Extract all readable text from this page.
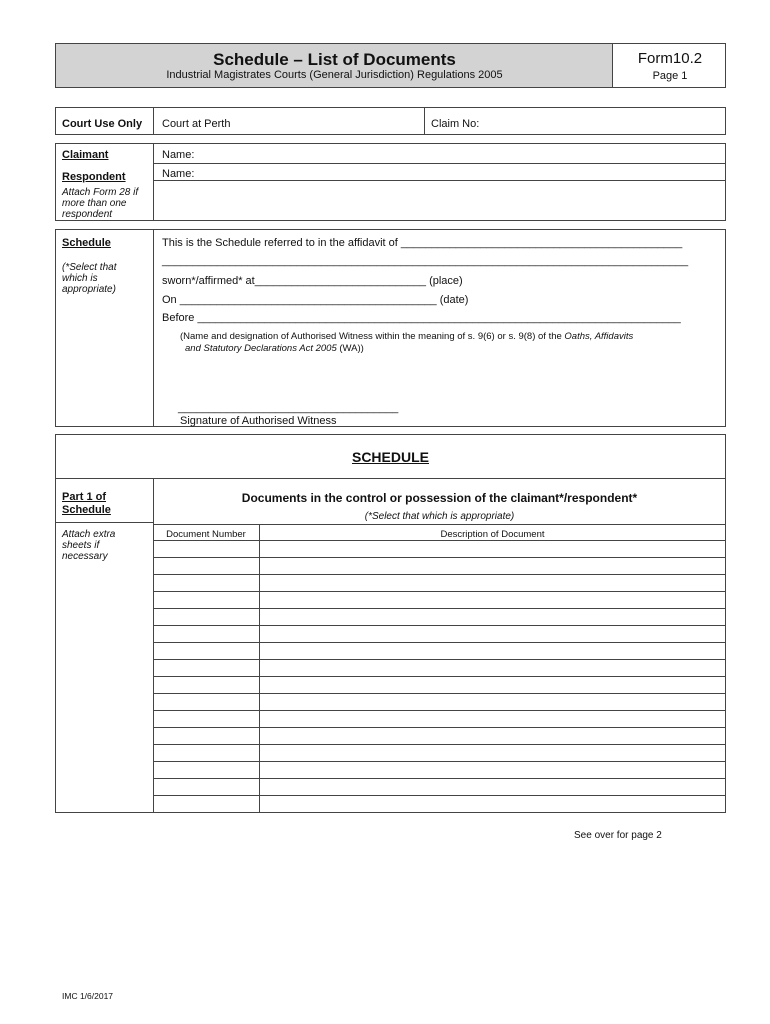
Schedule – List of Documents
Industrial Magistrates Courts (General Jurisdiction) Regulations 2005
Form10.2
Page 1
Court Use Only Court at Perth	Claim No:
Claimant	Name:
Respondent	Name:
Attach Form 28 if
more than one
respondent
Schedule
(*Select that
which is
appropriate)
This is the Schedule referred to in the affidavit of ______________________________________________
______________________________________________________________________________________
sworn*/affirmed* at____________________________ (place)
On __________________________________________ (date)
Before _______________________________________________________________________________
(Name and designation of Authorised Witness within the meaning of s. 9(6) or s. 9(8) of the Oaths, Affidavits
and Statutory Declarations Act 2005 (WA))
____________________________________
Signature of Authorised Witness
SCHEDULE
Part 1 of
Schedule
Documents in the control or possession of the claimant*/respondent*
(*Select that which is appropriate)
Attach extra
sheets if
necessary
Document Number	Description of Document
See over for page 2
IMC 1/6/2017
